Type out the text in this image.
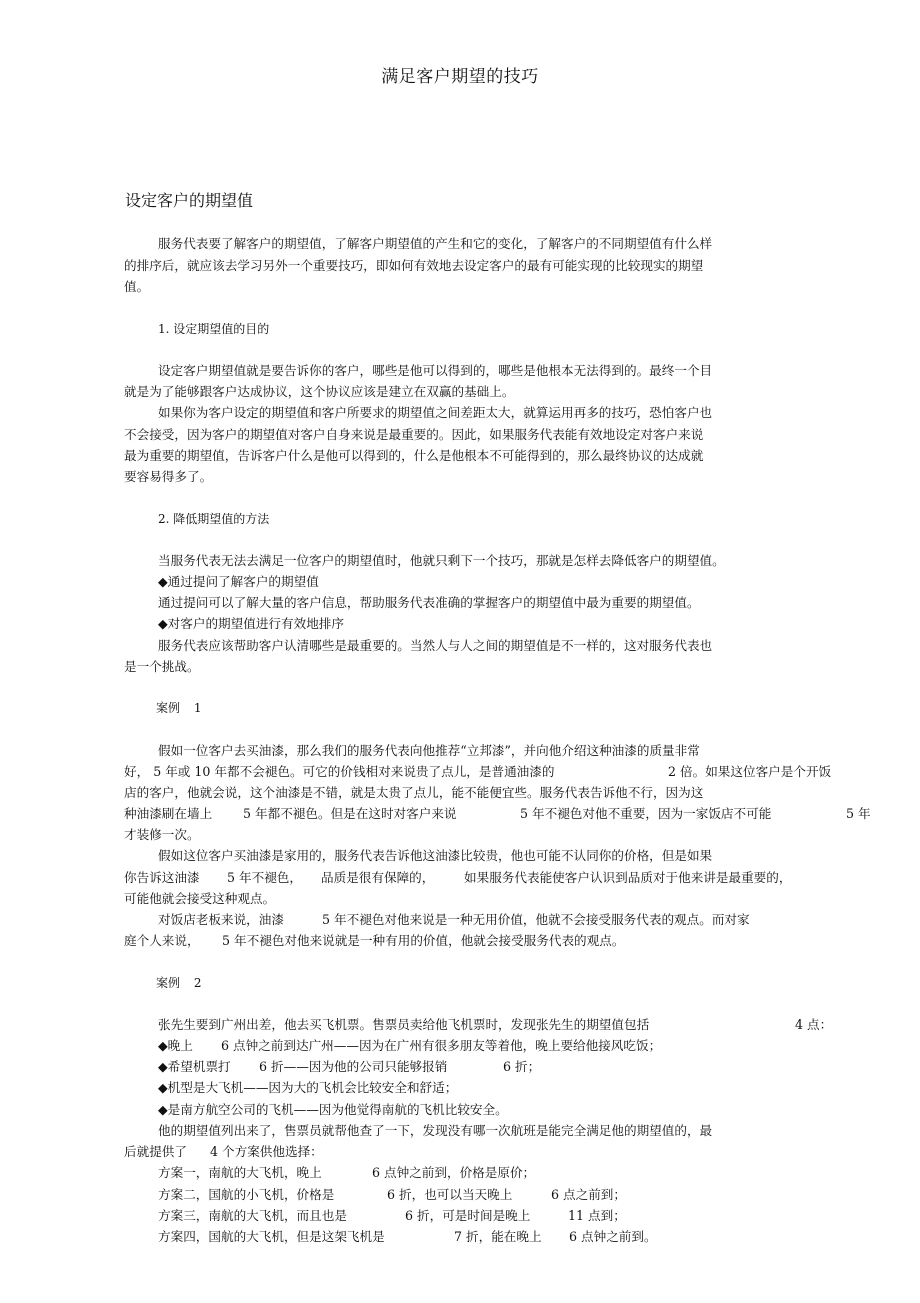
满足客户期望的技巧
设定客户的期望值

服务代表要了解客户的期望值，了解客户期望值的产生和它的变化，了解客户的不同期望值有什么样

的排序后，就应该去学习另外一个重要技巧，即如何有效地去设定客户的最有可能实现的比较现实的期望

值。

1. 设定期望值的目的

设定客户期望值就是要告诉你的客户，哪些是他可以得到的，哪些是他根本无法得到的。最终一个目

就是为了能够跟客户达成协议，这个协议应该是建立在双赢的基础上。

如果你为客户设定的期望值和客户所要求的期望值之间差距太大，就算运用再多的技巧，恐怕客户也

不会接受，因为客户的期望值对客户自身来说是最重要的。因此，如果服务代表能有效地设定对客户来说

最为重要的期望值，告诉客户什么是他可以得到的，什么是他根本不可能得到的，那么最终协议的达成就

要容易得多了。

2. 降低期望值的方法

当服务代表无法去满足一位客户的期望值时，他就只剩下一个技巧，那就是怎样去降低客户的期望值。

◆通过提问了解客户的期望值

通过提问可以了解大量的客户信息，帮助服务代表准确的掌握客户的期望值中最为重要的期望值。

◆对客户的期望值进行有效地排序

服务代表应该帮助客户认清哪些是最重要的。当然人与人之间的期望值是不一样的，这对服务代表也

是一个挑战。

案例 1

假如一位客户去买油漆，那么我们的服务代表向他推荐“立邦漆”，并向他介绍这种油漆的质量非常

好， 5 年或 10 年都不会褪色。可它的价钱相对来说贵了点儿，是普通油漆的	2 倍。如果这位客户是个开饭

店的客户，他就会说，这个油漆是不错，就是太贵了点儿，能不能便宜些。服务代表告诉他不行，因为这

种油漆刷在墙上 5 年都不褪色。但是在这时对客户来说	5 年不褪色对他不重要，因为一家饭店不可能	5 年

才装修一次。

假如这位客户买油漆是家用的，服务代表告诉他这油漆比较贵，他也可能不认同你的价格，但是如果

你告诉这油漆 5 年不褪色， 品质是很有保障的， 如果服务代表能使客户认识到品质对于他来讲是最重要的，

可能他就会接受这种观点。

对饭店老板来说，油漆	5 年不褪色对他来说是一种无用价值，他就不会接受服务代表的观点。而对家

庭个人来说， 5 年不褪色对他来说就是一种有用的价值，他就会接受服务代表的观点。

案例 2

张先生要到广州出差，他去买飞机票。售票员卖给他飞机票时，发现张先生的期望值包括	4 点：

◆晚上 6 点钟之前到达广州——因为在广州有很多朋友等着他，晚上要给他接风吃饭；

◆希望机票打 6 折——因为他的公司只能够报销	6 折；

◆机型是大飞机——因为大的飞机会比较安全和舒适；

◆是南方航空公司的飞机——因为他觉得南航的飞机比较安全。

他的期望值列出来了，售票员就帮他查了一下，发现没有哪一次航班是能完全满足他的期望值的，最

后就提供了 4 个方案供他选择：

方案一，南航的大飞机，晚上	6 点钟之前到，价格是原价；

方案二，国航的小飞机，价格是	6 折，也可以当天晚上	6 点之前到；

方案三，南航的大飞机，而且也是	6 折，可是时间是晚上	11 点到；

方案四，国航的大飞机，但是这架飞机是	7 折，能在晚上 6 点钟之前到。
